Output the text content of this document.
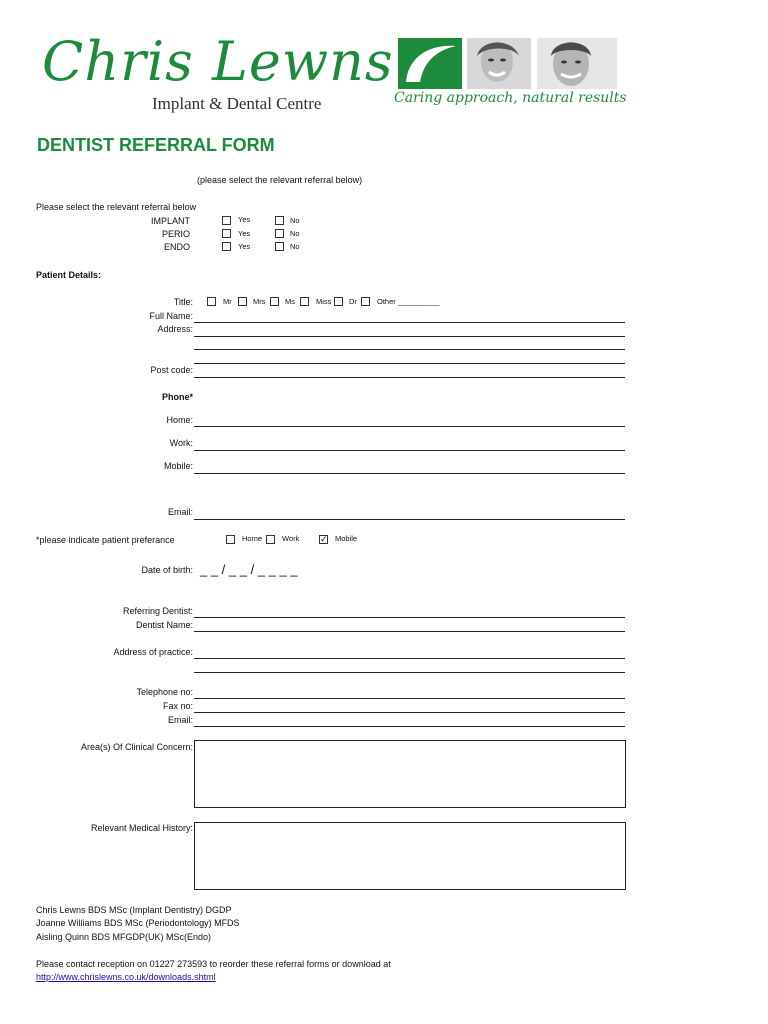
Chris Lewns
Implant & Dental Centre	Caring approach, natural results
DENTIST REFERRAL FORM
(please select the relevant referral below)
Please select the relevant referral below
IMPLANT	Yes	No
PERIO	Yes	No
ENDO	Yes	No
Patient Details:
Title:	Mr	Mrs	Ms	Miss Dr	Other __________
Full Name:
Address:
Post code:
Phone*
Home:
Work:
Mobile:
Email:
*please indicate patient preferance	Home	Work
✓	Mobile
Date of birth: _ _ / _ _ / _ _ _ _
Referring Dentist:
Dentist Name:
Address of practice:
Telephone no:
Fax no:
Email:
Area(s) Of Clinical Concern:
Relevant Medical History:
Chris Lewns BDS MSc (Implant Dentistry) DGDP
Joanne Williams BDS MSc (Periodontology) MFDS
Aisling Quinn BDS MFGDP(UK) MSc(Endo)
Please contact reception on 01227 273593 to reorder these referral forms or download at
http://www.chrislewns.co.uk/downloads.shtml
